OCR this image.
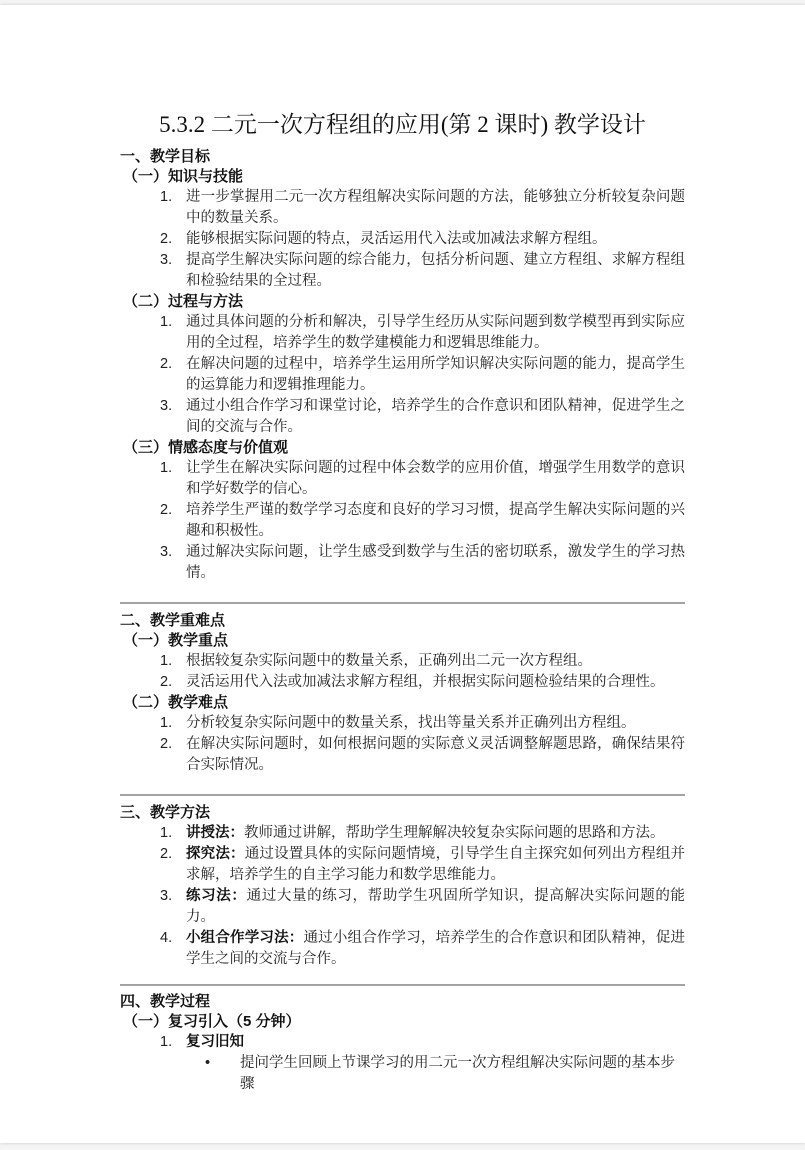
5.3.2 二元一次方程组的应用(第 2 课时) 教学设计
一、教学目标
（一）知识与技能
1. 进一步掌握用二元一次方程组解决实际问题的方法，能够独立分析较复杂问题中的数量关系。
2. 能够根据实际问题的特点，灵活运用代入法或加减法求解方程组。
3. 提高学生解决实际问题的综合能力，包括分析问题、建立方程组、求解方程组和检验结果的全过程。
（二）过程与方法
1. 通过具体问题的分析和解决，引导学生经历从实际问题到数学模型再到实际应用的全过程，培养学生的数学建模能力和逻辑思维能力。
2. 在解决问题的过程中，培养学生运用所学知识解决实际问题的能力，提高学生的运算能力和逻辑推理能力。
3. 通过小组合作学习和课堂讨论，培养学生的合作意识和团队精神，促进学生之间的交流与合作。
（三）情感态度与价值观
1. 让学生在解决实际问题的过程中体会数学的应用价值，增强学生用数学的意识和学好数学的信心。
2. 培养学生严谨的数学学习态度和良好的学习习惯，提高学生解决实际问题的兴趣和积极性。
3. 通过解决实际问题，让学生感受到数学与生活的密切联系，激发学生的学习热情。
二、教学重难点
（一）教学重点
1. 根据较复杂实际问题中的数量关系，正确列出二元一次方程组。
2. 灵活运用代入法或加减法求解方程组，并根据实际问题检验结果的合理性。
（二）教学难点
1. 分析较复杂实际问题中的数量关系，找出等量关系并正确列出方程组。
2. 在解决实际问题时，如何根据问题的实际意义灵活调整解题思路，确保结果符合实际情况。
三、教学方法
1. 讲授法：教师通过讲解，帮助学生理解解决较复杂实际问题的思路和方法。
2. 探究法：通过设置具体的实际问题情境，引导学生自主探究如何列出方程组并求解，培养学生的自主学习能力和数学思维能力。
3. 练习法：通过大量的练习，帮助学生巩固所学知识，提高解决实际问题的能力。
4. 小组合作学习法：通过小组合作学习，培养学生的合作意识和团队精神，促进学生之间的交流与合作。
四、教学过程
（一）复习引入（5 分钟）
1. 复习旧知
•	提问学生回顾上节课学习的用二元一次方程组解决实际问题的基本步骤
